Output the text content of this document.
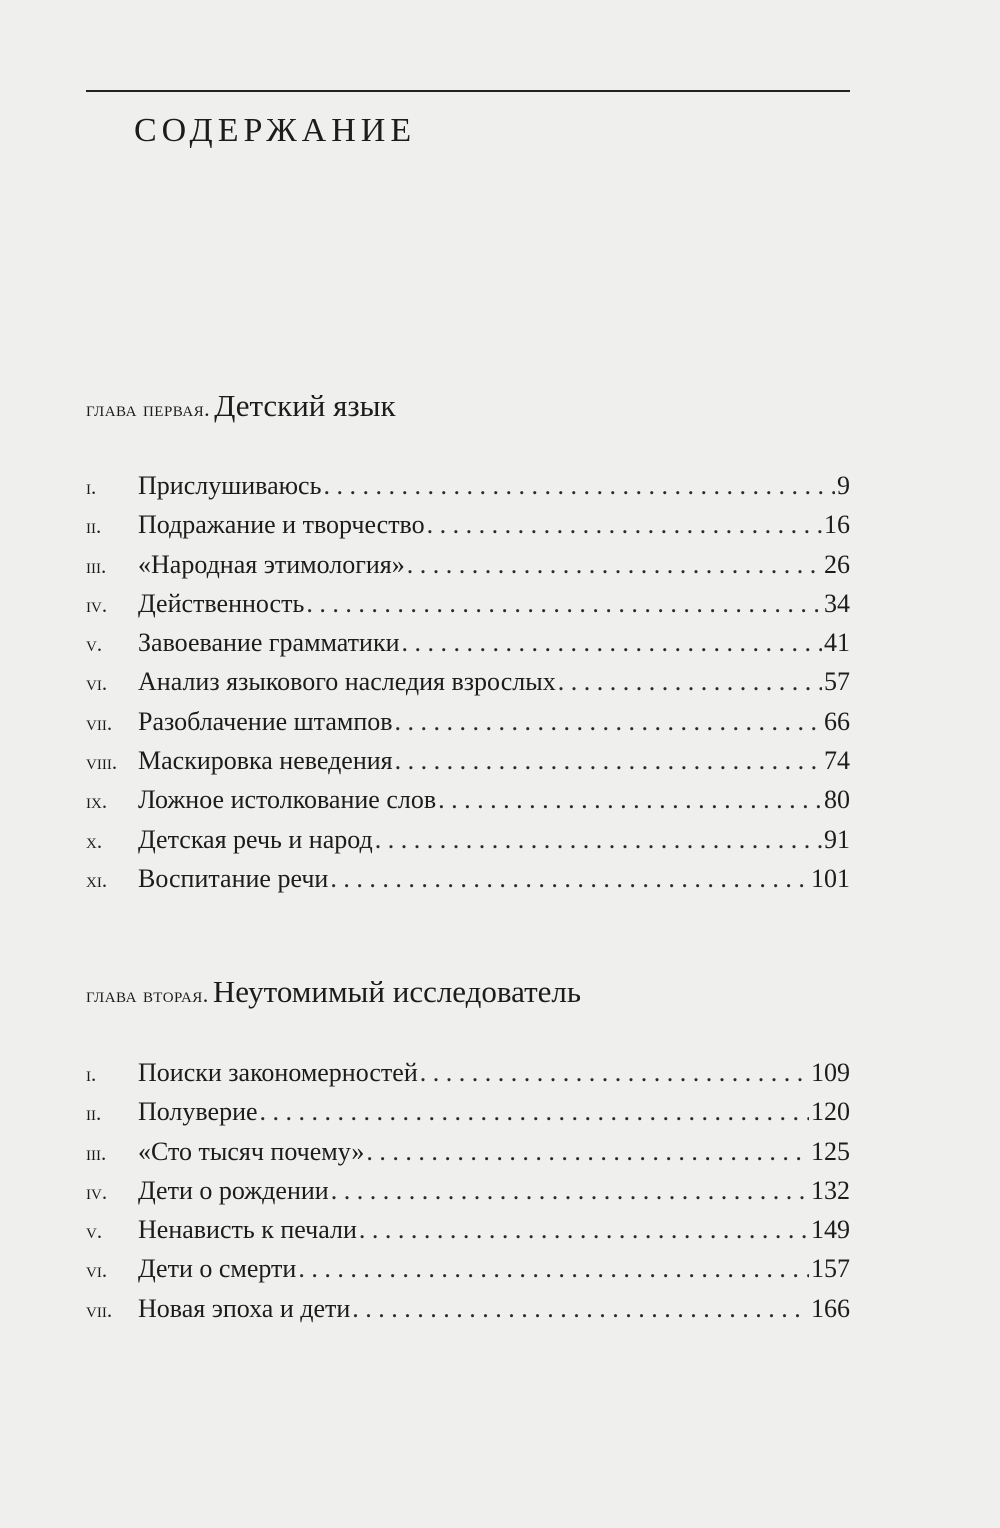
СОДЕРЖАНИЕ
глава первая. Детский язык
i.	Прислушиваюсь . . .	9
ii.	Подражание и творчество . . .	16
iii.	«Народная этимология» . . .	26
iv.	Действенность . . .	34
v.	Завоевание грамматики . . .	41
vi.	Анализ языкового наследия взрослых . . .	57
vii. Разоблачение штампов . . .	66
viii. Маскировка неведения . . .	74
ix.	Ложное истолкование слов . . .	80
x.	Детская речь и народ . . .	91
xi.	Воспитание речи . . .	101
глава вторая. Неутомимый исследователь
i.	Поиски закономерностей . . .	109
ii.	Полуверие . . .	120
iii.	«Сто тысяч почему» . . .	125
iv.	Дети о рождении . . .	132
v.	Ненависть к печали . . .	149
vi.	Дети о смерти . . .	157
vii. Новая эпоха и дети . . .	166
